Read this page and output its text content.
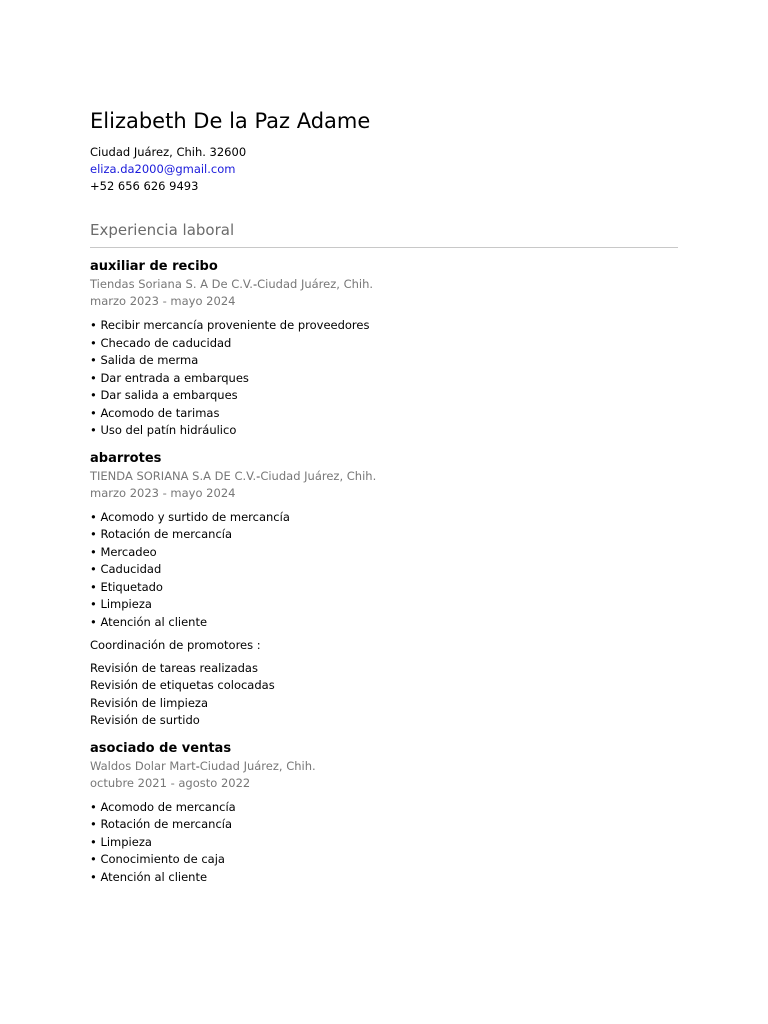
Elizabeth De la Paz Adame

Ciudad Juárez, Chih. 32600

eliza.da2000@gmail.com

+52 656 626 9493

Experiencia laboral
auxiliar de recibo
Tiendas Soriana S. A De C.V.-Ciudad Juárez, Chih.
marzo 2023 - mayo 2024
• Recibir mercancía proveniente de proveedores
• Checado de caducidad
• Salida de merma
• Dar entrada a embarques
• Dar salida a embarques
• Acomodo de tarimas
• Uso del patín hidráulico
abarrotes
TIENDA SORIANA S.A DE C.V.-Ciudad Juárez, Chih.
marzo 2023 - mayo 2024
• Acomodo y surtido de mercancía
• Rotación de mercancía
• Mercadeo
• Caducidad
• Etiquetado
• Limpieza
• Atención al cliente

Coordinación de promotores :

Revisión de tareas realizadas
Revisión de etiquetas colocadas
Revisión de limpieza
Revisión de surtido
asociado de ventas
Waldos Dolar Mart-Ciudad Juárez, Chih.
octubre 2021 - agosto 2022
• Acomodo de mercancía
• Rotación de mercancía
• Limpieza
• Conocimiento de caja
• Atención al cliente
